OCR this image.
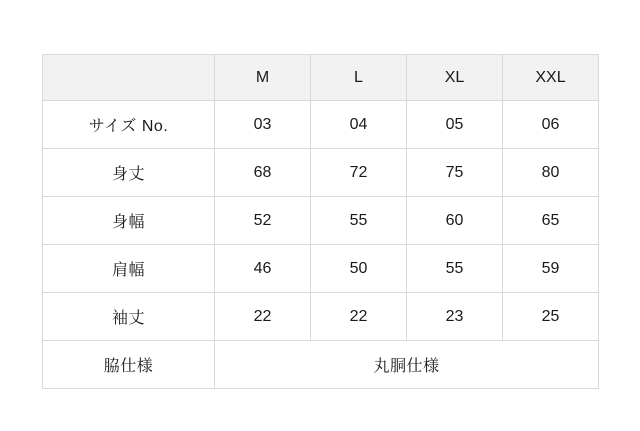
	M	L	XL	XXL
サイズ No.	03	04	05	06
身丈	68	72	75	80
身幅	52	55	60	65
肩幅	46	50	55	59
袖丈	22	22	23	25
脇仕様	丸胴仕様			
